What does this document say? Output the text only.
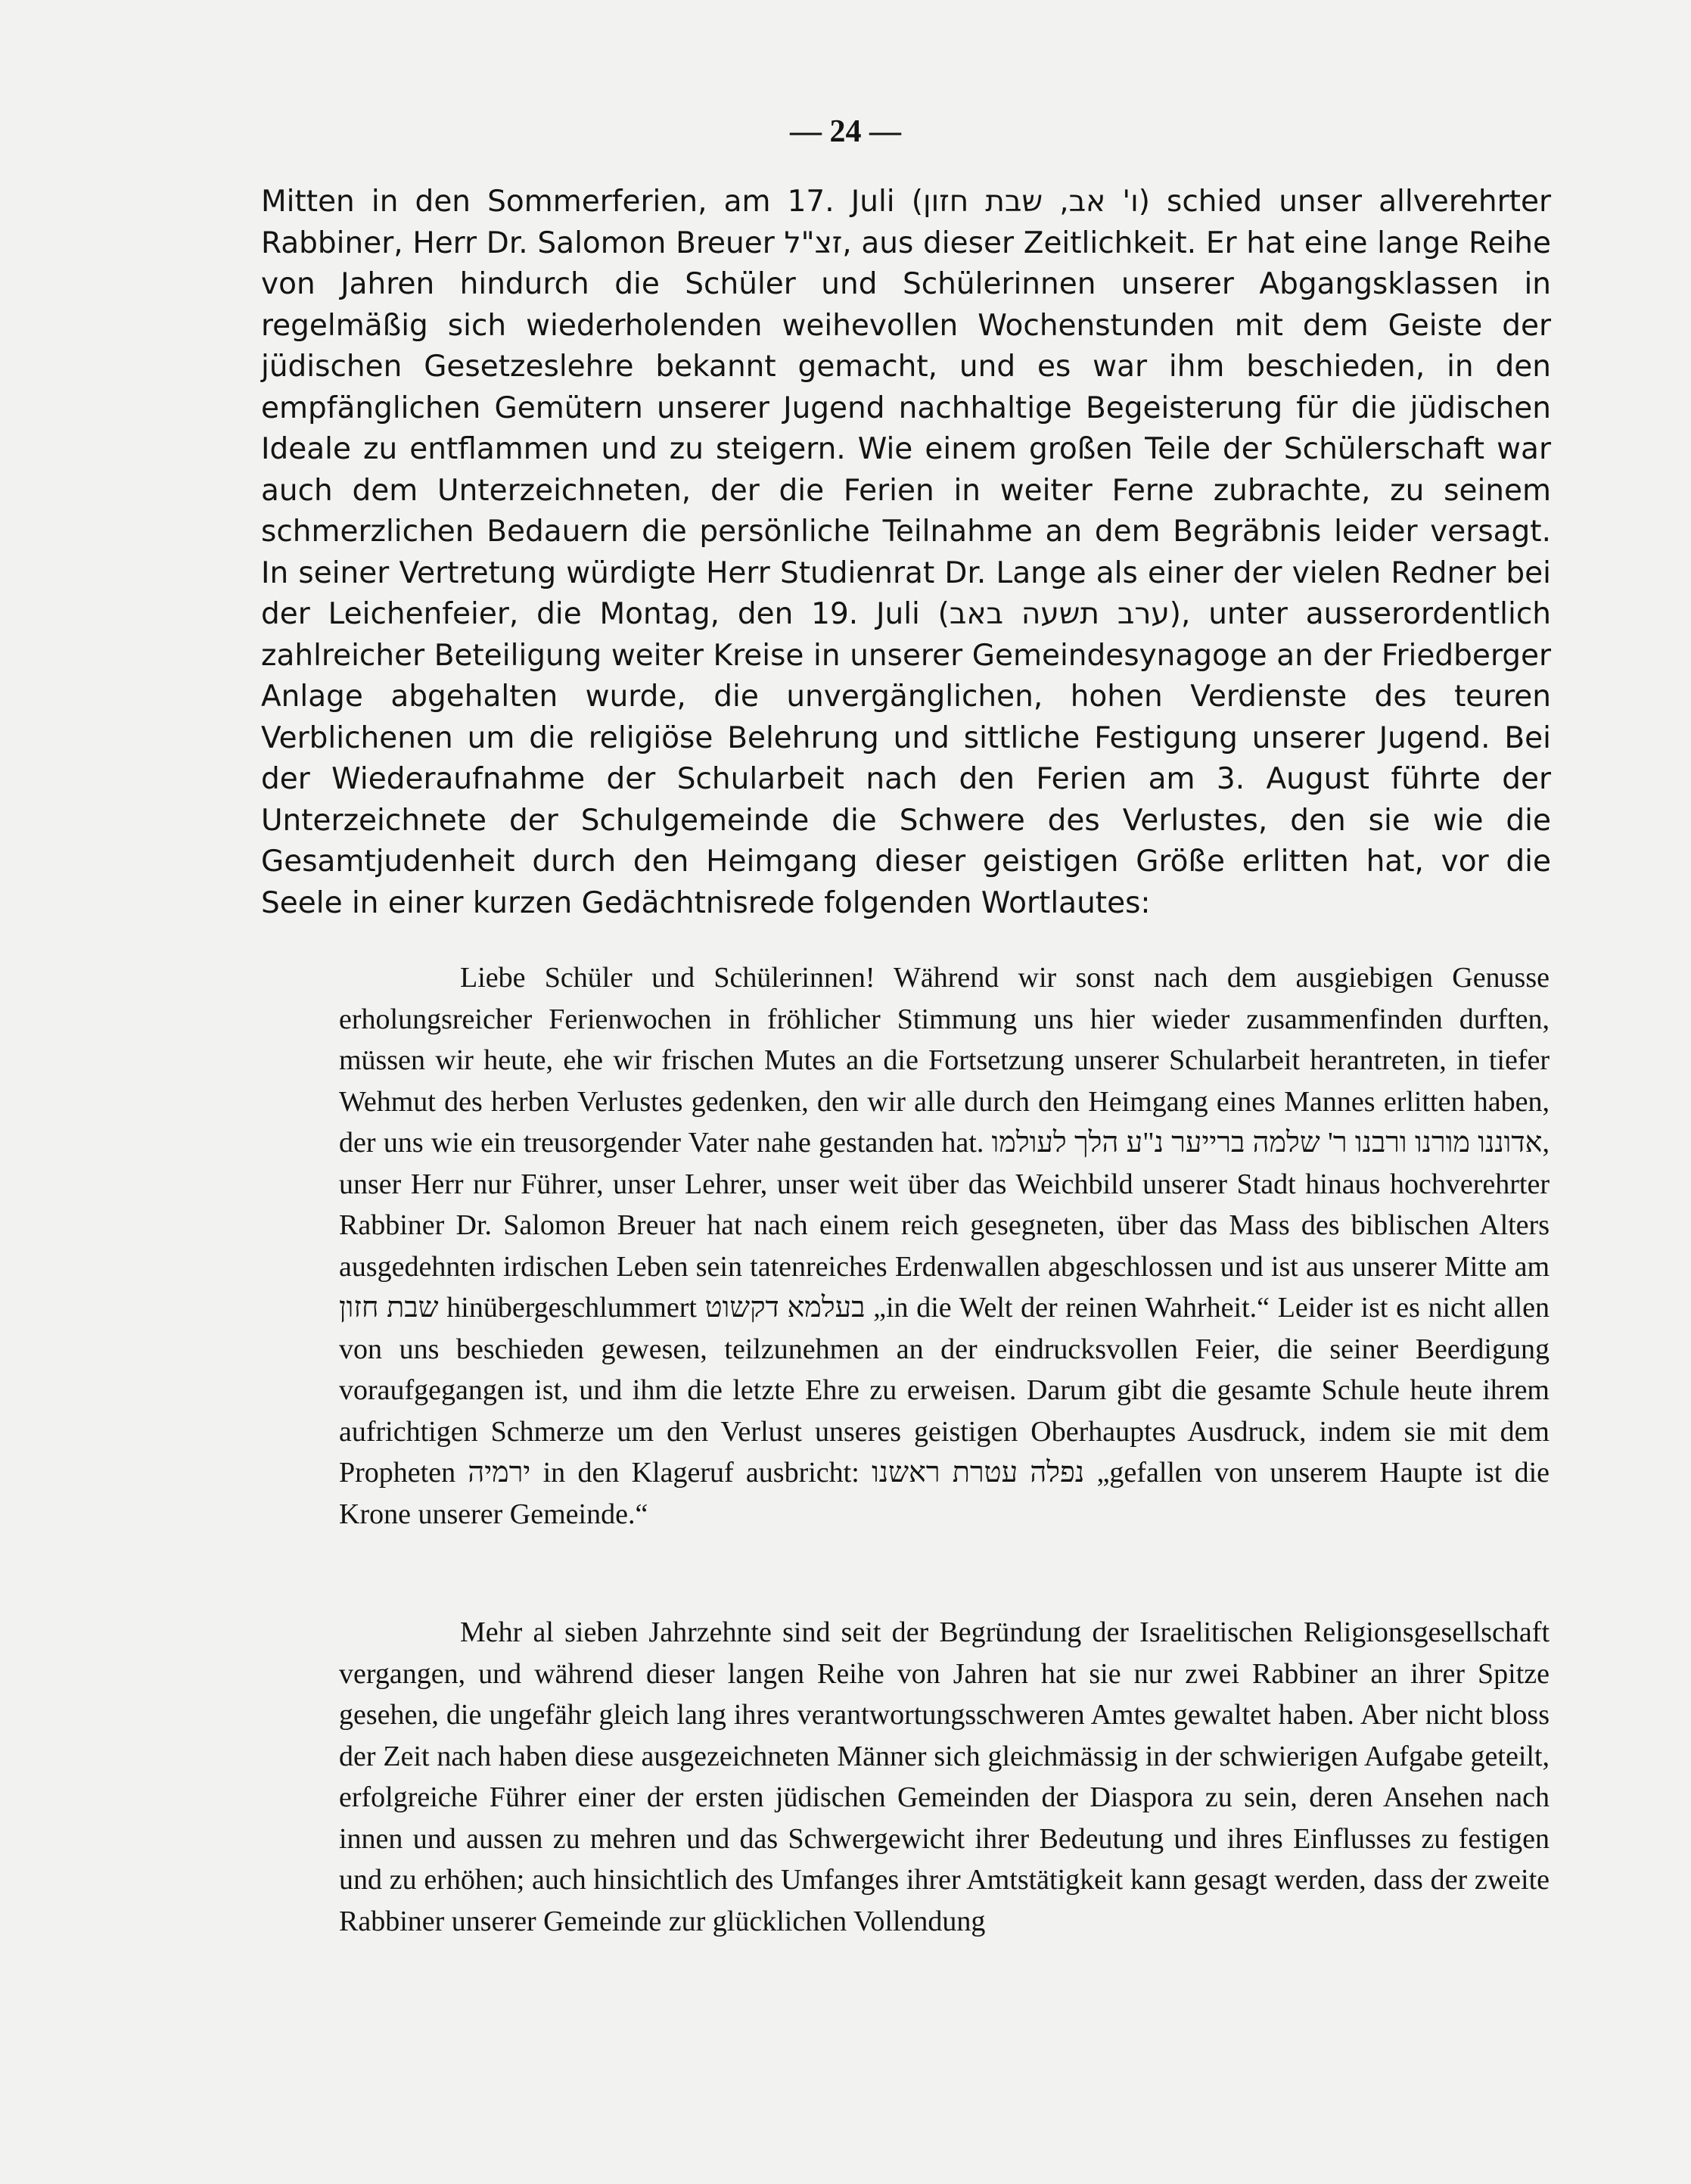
— 24 —

Mitten in den Sommerferien, am 17. Juli (ו' אב, שבת חזון) schied unser allverehrter Rabbiner, Herr Dr. Salomon Breuer זצ"ל, aus dieser Zeitlichkeit. Er hat eine lange Reihe von Jahren hindurch die Schüler und Schülerinnen unserer Abgangsklassen in regelmäßig sich wiederholenden weihevollen Wochenstunden mit dem Geiste der jüdischen Gesetzeslehre bekannt gemacht, und es war ihm beschieden, in den empfänglichen Gemütern unserer Jugend nachhaltige Begeisterung für die jüdischen Ideale zu entflammen und zu steigern. Wie einem großen Teile der Schülerschaft war auch dem Unterzeichneten, der die Ferien in weiter Ferne zubrachte, zu seinem schmerzlichen Bedauern die persönliche Teilnahme an dem Begräbnis leider versagt. In seiner Vertretung würdigte Herr Studienrat Dr. Lange als einer der vielen Redner bei der Leichenfeier, die Montag, den 19. Juli (ערב תשעה באב), unter ausserordentlich zahlreicher Beteiligung weiter Kreise in unserer Gemeindesynagoge an der Friedberger Anlage abgehalten wurde, die unvergänglichen, hohen Verdienste des teuren Verblichenen um die religiöse Belehrung und sittliche Festigung unserer Jugend. Bei der Wiederaufnahme der Schularbeit nach den Ferien am 3. August führte der Unterzeichnete der Schulgemeinde die Schwere des Verlustes, den sie wie die Gesamtjudenheit durch den Heimgang dieser geistigen Größe erlitten hat, vor die Seele in einer kurzen Gedächtnisrede folgenden Wortlautes:

Liebe Schüler und Schülerinnen! Während wir sonst nach dem ausgiebigen Genusse erholungsreicher Ferienwochen in fröhlicher Stimmung uns hier wieder zusammenfinden durften, müssen wir heute, ehe wir frischen Mutes an die Fortsetzung unserer Schularbeit herantreten, in tiefer Wehmut des herben Verlustes gedenken, den wir alle durch den Heimgang eines Mannes erlitten haben, der uns wie ein treusorgender Vater nahe gestanden hat. אדוננו מורנו ורבנו ר' שלמה ברייער נ"ע הלך לעולמו, unser Herr nur Führer, unser Lehrer, unser weit über das Weichbild unserer Stadt hinaus hochverehrter Rabbiner Dr. Salomon Breuer hat nach einem reich gesegneten, über das Mass des biblischen Alters ausgedehnten irdischen Leben sein tatenreiches Erdenwallen abgeschlossen und ist aus unserer Mitte am שבת חזון hinübergeschlummert בעלמא דקשוט „in die Welt der reinen Wahrheit.“ Leider ist es nicht allen von uns beschieden gewesen, teilzunehmen an der eindrucksvollen Feier, die seiner Beerdigung voraufgegangen ist, und ihm die letzte Ehre zu erweisen. Darum gibt die gesamte Schule heute ihrem aufrichtigen Schmerze um den Verlust unseres geistigen Oberhauptes Ausdruck, indem sie mit dem Propheten ירמיה in den Klageruf ausbricht: נפלה עטרת ראשנו „gefallen von unserem Haupte ist die Krone unserer Gemeinde.“

Mehr al sieben Jahrzehnte sind seit der Begründung der Israelitischen Religionsgesellschaft vergangen, und während dieser langen Reihe von Jahren hat sie nur zwei Rabbiner an ihrer Spitze gesehen, die ungefähr gleich lang ihres verantwortungsschweren Amtes gewaltet haben. Aber nicht bloss der Zeit nach haben diese ausgezeichneten Männer sich gleichmässig in der schwierigen Aufgabe geteilt, erfolgreiche Führer einer der ersten jüdischen Gemeinden der Diaspora zu sein, deren Ansehen nach innen und aussen zu mehren und das Schwergewicht ihrer Bedeutung und ihres Einflusses zu festigen und zu erhöhen; auch hinsichtlich des Umfanges ihrer Amtstätigkeit kann gesagt werden, dass der zweite Rabbiner unserer Gemeinde zur glücklichen Vollendung
